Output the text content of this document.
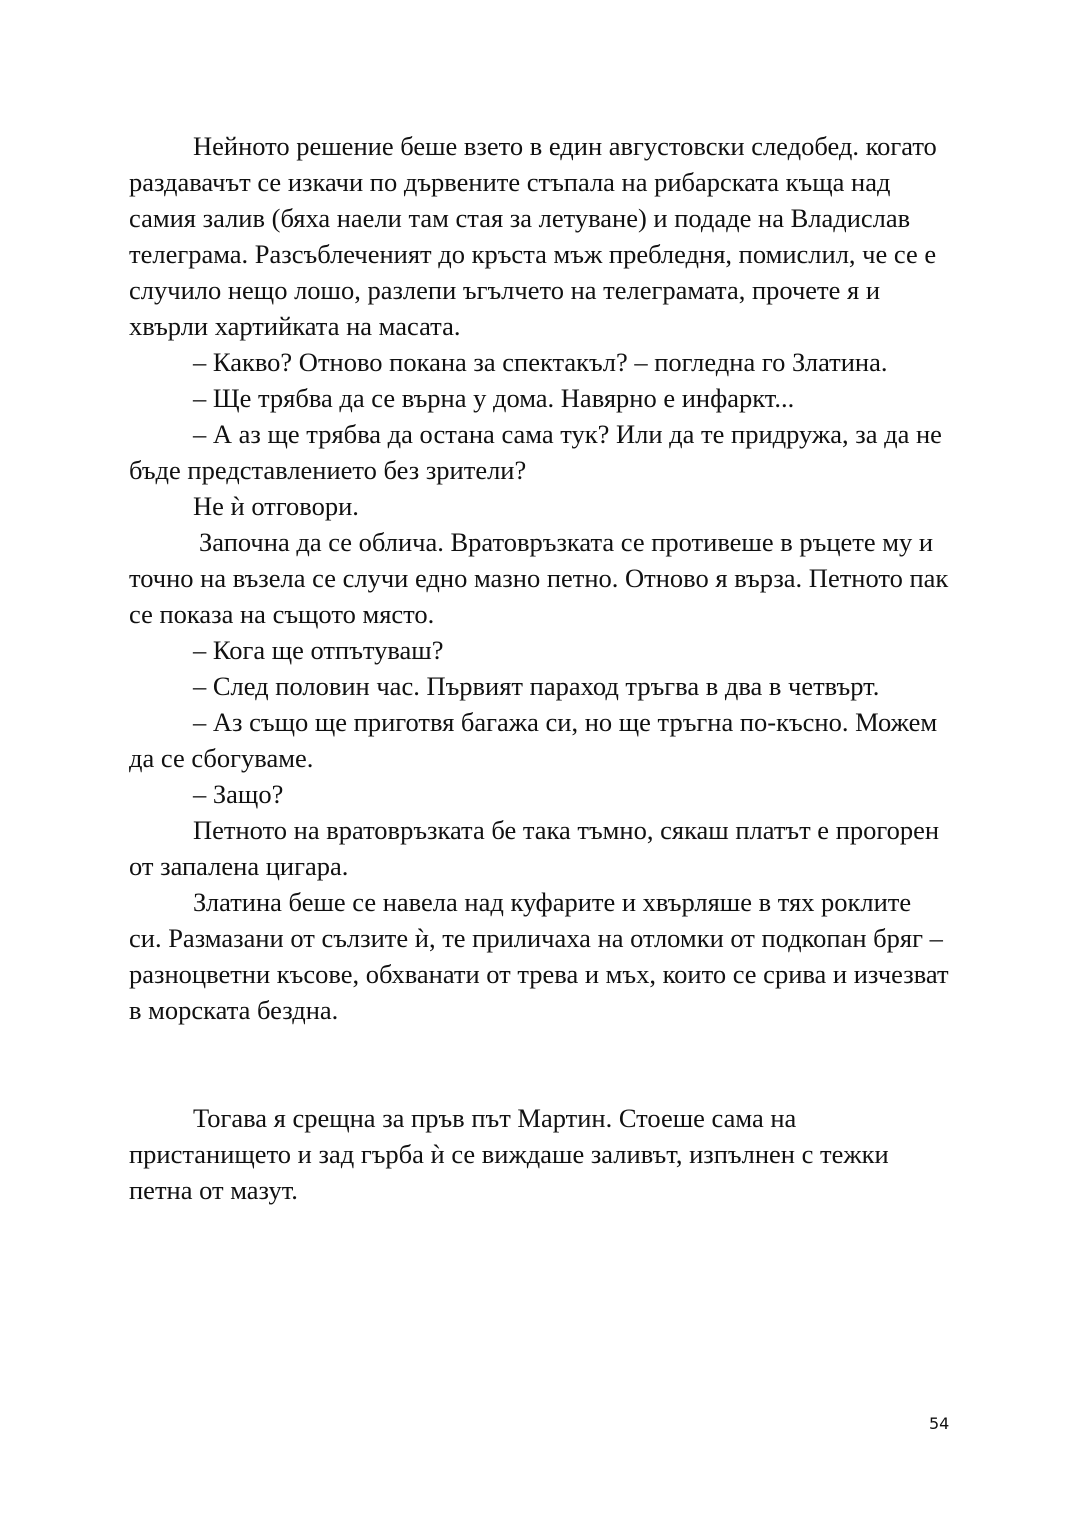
Нейното решение беше взето в един августовски следобед. когато раздавачът се изкачи по дървените стъпала на рибарската къща над самия залив (бяха наели там стая за летуване) и подаде на Владислав телеграма. Разсъблеченият до кръста мъж пребледня, помислил, че се е случило нещо лошо, разлепи ъгълчето на телеграмата, прочете я и хвърли хартийката на масата.

– Какво? Отново покана за спектакъл? – погледна го Златина.

– Ще трябва да се върна у дома. Навярно е инфаркт...

– А аз ще трябва да остана сама тук? Или да те придружа, за да не бъде представлението без зрители?

Не ѝ отговори.

Започна да се облича. Вратовръзката се противеше в ръцете му и точно на възела се случи едно мазно петно. Отново я върза. Петното пак се показа на същото място.

– Кога ще отпътуваш?

– След половин час. Първият параход тръгва в два в четвърт.

– Аз също ще приготвя багажа си, но ще тръгна по-късно. Можем да се сбогуваме.

– Защо?

Петното на вратовръзката бе така тъмно, сякаш платът е прогорен от запалена цигара.

Златина беше се навела над куфарите и хвърляше в тях роклите си. Размазани от сълзите ѝ, те приличаха на отломки от подкопан бряг – разноцветни късове, обхванати от трева и мъх, които се срива и изчезват в морската бездна.

Тогава я срещна за пръв път Мартин. Стоеше сама на пристанището и зад гърба ѝ се виждаше заливът, изпълнен с тежки петна от мазут.

54
